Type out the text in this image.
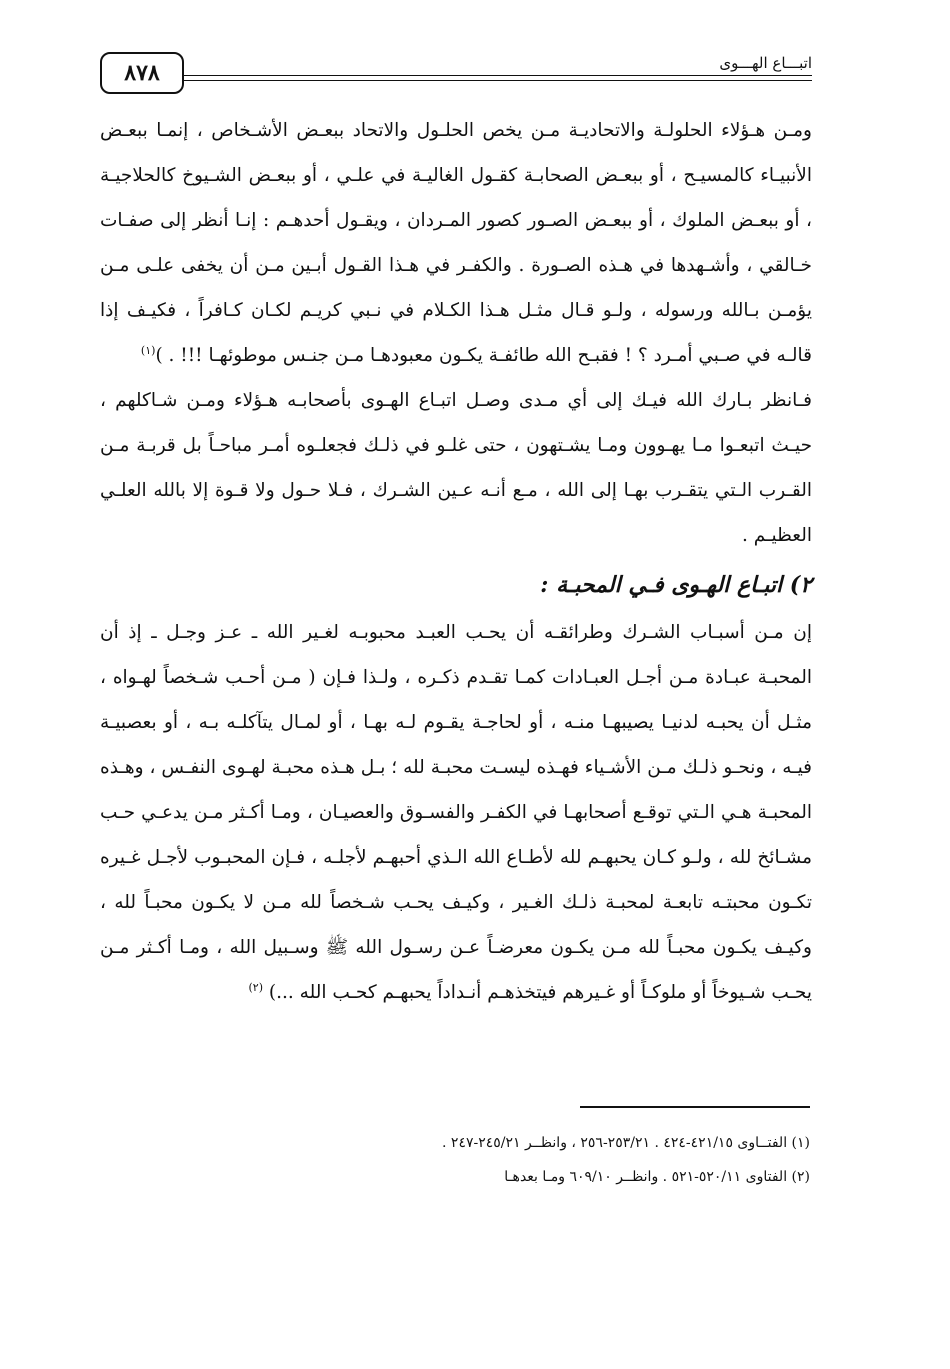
٨٧٨	اتبـــاع الهـــوى
ومـن هـؤلاء الحلولـة والاتحاديـة مـن يخص الحلـول والاتحاد ببعـض الأشـخاص ، إنمـا ببعـض الأنبيـاء كالمسيـح ، أو ببعـض الصحابـة كقـول الغاليـة في علـي ، أو ببعـض الشـيوخ كالحلاجيـة ، أو ببعـض الملوك ، أو ببعـض الصـور كصور المـردان ، ويقـول أحدهـم : إنـا أنظر إلى صفـات خـالقي ، وأشـهدها في هـذه الصـورة . والكفـر في هـذا القـول أبـين مـن أن يخفى علـى مـن يؤمـن بـالله ورسوله ، ولـو قـال مثـل هـذا الكـلام في نـبي كريـم لكـان كـافراً ، فكيـف إذا قالـه في صـبي أمـرد ؟ ! فقبـح الله طائفـة يكـون معبودهـا مـن جنـس موطوئهـا !!! . )$^{(١)}$
فـانظر بـارك الله فيـك إلى أي مـدى وصـل اتبـاع الهـوى بأصحابـه هـؤلاء ومـن شـاكلهم ، حيـث اتبعـوا مـا يهـوون ومـا يشـتهون ، حتى غلـو في ذلـك فجعلـوه أمـر مباحـاً بل قربـة مـن القـرب الـتي يتقـرب بهـا إلى الله ، مـع أنـه عـين الشـرك ، فـلا حـول ولا قـوة إلا بالله العلـي العظيـم .
٢) اتبـاع الهـوى فـي المحبـة :
إن مـن أسبـاب الشـرك وطرائقـه أن يحـب العبـد محبوبـه لغـير الله ـ عـز وجـل ـ إذ أن المحبـة عبـادة مـن أجـل العبـادات كمـا تقـدم ذكـره ، ولـذا فـإن ( مـن أحـب شـخصاً لهـواه ، مثـل أن يحبـه لدنيـا يصيبهـا منـه ، أو لحاجـة يقـوم لـه بهـا ، أو لمـال يتآكلـه بـه ، أو بعصبيـة فيـه ، ونحـو ذلـك مـن الأشـياء فهـذه ليسـت محبـة لله ؛ بـل هـذه محبـة لهـوى النفـس ، وهـذه المحبـة هـي الـتي توقـع أصحابهـا في الكفـر والفسـوق والعصيـان ، ومـا أكـثر مـن يدعـي حـب مشـائخ لله ، ولـو كـان يحبهـم لله لأطـاع الله الـذي أحبهـم لأجلـه ، فـإن المحبـوب لأجـل غـيره تكـون محبتـه تابعـة لمحبـة ذلـك الغـير ، وكيـف يحـب شـخصاً لله مـن لا يكـون محبـاً لله ، وكيـف يكـون محبـاً لله مـن يكـون معرضـاً عـن رسـول الله ﷺ وسـبيل الله ، ومـا أكـثر مـن يحـب شـيوخاً أو ملوكـاً أو غـيرهم فيتخذهـم أنـداداً يحبهـم كحـب الله ...) $^{(٢)}$
(١) الفتــاوى ٤٢١/١٥-٤٢٤ . ٢٥٣/٢١-٢٥٦ ، وانظــر ٢٤٥/٢١-٢٤٧ .
(٢) الفتاوى ٥٢٠/١١-٥٢١ . وانظــر ٦٠٩/١٠ ومـا بعدهـا
